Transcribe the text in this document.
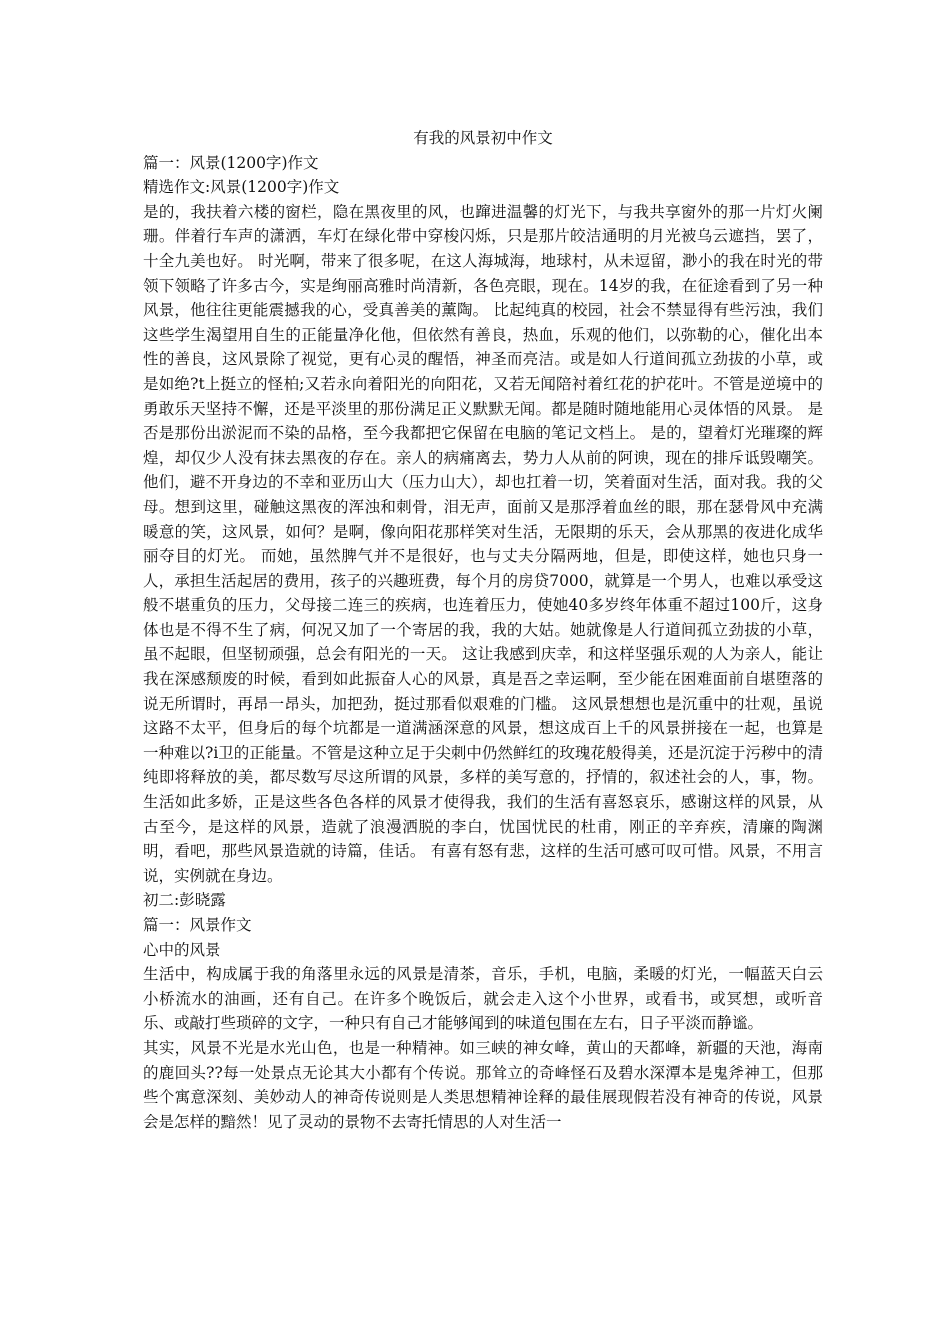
有我的风景初中作文
篇一：风景(1200字)作文
精选作文:风景(1200字)作文
是的，我扶着六楼的窗栏，隐在黑夜里的风，也蹿进温馨的灯光下，与我共享窗外的那一片灯火阑珊。伴着行车声的潇洒，车灯在绿化带中穿梭闪烁，只是那片皎洁通明的月光被乌云遮挡，罢了，十全九美也好。 时光啊，带来了很多呢，在这人海城海，地球村，从未逗留，渺小的我在时光的带领下领略了许多古今，实是绚丽高雅时尚清新，各色亮眼，现在。14岁的我，在征途看到了另一种风景，他往往更能震撼我的心，受真善美的薰陶。 比起纯真的校园，社会不禁显得有些污浊，我们这些学生渴望用自生的正能量净化他，但依然有善良，热血，乐观的他们，以弥勒的心，催化出本性的善良，这风景除了视觉，更有心灵的醒悟，神圣而亮洁。或是如人行道间孤立劲拔的小草，或是如绝?t上挺立的怪柏;又若永向着阳光的向阳花，又若无闻陪衬着红花的护花叶。不管是逆境中的勇敢乐天坚持不懈，还是平淡里的那份满足正义默默无闻。都是随时随地能用心灵体悟的风景。 是否是那份出淤泥而不染的品格，至今我都把它保留在电脑的笔记文档上。 是的，望着灯光璀璨的辉煌，却仅少人没有抹去黑夜的存在。亲人的病痛离去，势力人从前的阿谀，现在的排斥诋毁嘲笑。他们，避不开身边的不幸和亚历山大（压力山大），却也扛着一切，笑着面对生活，面对我。我的父母。想到这里，碰触这黑夜的浑浊和刺骨，泪无声，面前又是那浮着血丝的眼，那在瑟骨风中充满暖意的笑，这风景，如何？是啊，像向阳花那样笑对生活，无限期的乐天，会从那黑的夜进化成华丽夺目的灯光。 而她，虽然脾气并不是很好，也与丈夫分隔两地，但是，即使这样，她也只身一人，承担生活起居的费用，孩子的兴趣班费，每个月的房贷7000，就算是一个男人，也难以承受这般不堪重负的压力，父母接二连三的疾病，也连着压力，使她40多岁终年体重不超过100斤，这身体也是不得不生了病，何况又加了一个寄居的我，我的大姑。她就像是人行道间孤立劲拔的小草，虽不起眼，但坚韧顽强，总会有阳光的一天。 这让我感到庆幸，和这样坚强乐观的人为亲人，能让我在深感颓废的时候，看到如此振奋人心的风景，真是吾之幸运啊，至少能在困难面前自堪堕落的说无所谓时，再昂一昂头，加把劲，挺过那看似艰难的门槛。 这风景想想也是沉重中的壮观，虽说这路不太平，但身后的每个坑都是一道满涵深意的风景，想这成百上千的风景拼接在一起，也算是一种难以?i卫的正能量。不管是这种立足于尖刺中仍然鲜红的玫瑰花般得美，还是沉淀于污秽中的清纯即将释放的美，都尽数写尽这所谓的风景，多样的美写意的，抒情的，叙述社会的人，事，物。 生活如此多娇，正是这些各色各样的风景才使得我，我们的生活有喜怒哀乐，感谢这样的风景，从古至今，是这样的风景，造就了浪漫洒脱的李白，忧国忧民的杜甫，刚正的辛弃疾，清廉的陶渊明，看吧，那些风景造就的诗篇，佳话。 有喜有怒有悲，这样的生活可感可叹可惜。风景，不用言说，实例就在身边。
初二:彭晓露
篇一：风景作文
心中的风景
生活中，构成属于我的角落里永远的风景是清茶，音乐，手机，电脑，柔暖的灯光，一幅蓝天白云小桥流水的油画，还有自己。在许多个晚饭后，就会走入这个小世界，或看书，或冥想，或听音乐、或敲打些琐碎的文字，一种只有自己才能够闻到的味道包围在左右，日子平淡而静谧。
其实，风景不光是水光山色，也是一种精神。如三峡的神女峰，黄山的天都峰，新疆的天池，海南的鹿回头??每一处景点无论其大小都有个传说。那耸立的奇峰怪石及碧水深潭本是鬼斧神工，但那些个寓意深刻、美妙动人的神奇传说则是人类思想精神诠释的最佳展现假若没有神奇的传说，风景会是怎样的黯然！见了灵动的景物不去寄托情思的人对生活一
